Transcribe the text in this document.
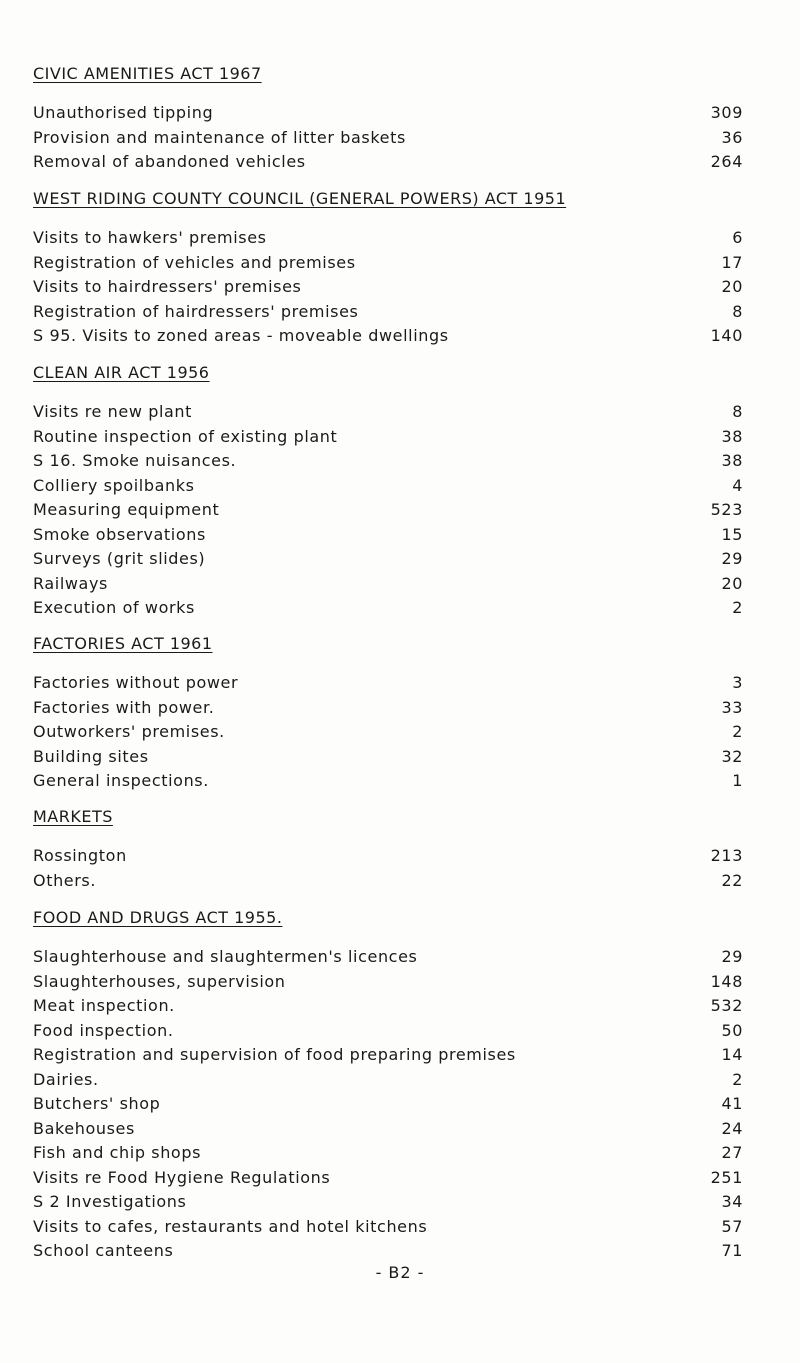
CIVIC AMENITIES ACT 1967
Unauthorised tipping	309
Provision and maintenance of litter baskets	36
Removal of abandoned vehicles	264
WEST RIDING COUNTY COUNCIL (GENERAL POWERS) ACT 1951
Visits to hawkers' premises	6
Registration of vehicles and premises	17
Visits to hairdressers' premises	20
Registration of hairdressers' premises	8
S 95. Visits to zoned areas - moveable dwellings	140
CLEAN AIR ACT 1956
Visits re new plant	8
Routine inspection of existing plant	38
S 16. Smoke nuisances.	38
Colliery spoilbanks	4
Measuring equipment	523
Smoke observations	15
Surveys (grit slides)	29
Railways	20
Execution of works	2
FACTORIES ACT 1961
Factories without power	3
Factories with power.	33
Outworkers' premises.	2
Building sites	32
General inspections.	1
MARKETS
Rossington	213
Others.	22
FOOD AND DRUGS ACT 1955.
Slaughterhouse and slaughtermen's licences	29
Slaughterhouses, supervision	148
Meat inspection.	532
Food inspection.	50
Registration and supervision of food preparing premises	14
Dairies.	2
Butchers' shop	41
Bakehouses	24
Fish and chip shops	27
Visits re Food Hygiene Regulations	251
S 2 Investigations	34
Visits to cafes, restaurants and hotel kitchens	57
School canteens	71
- B2 -
